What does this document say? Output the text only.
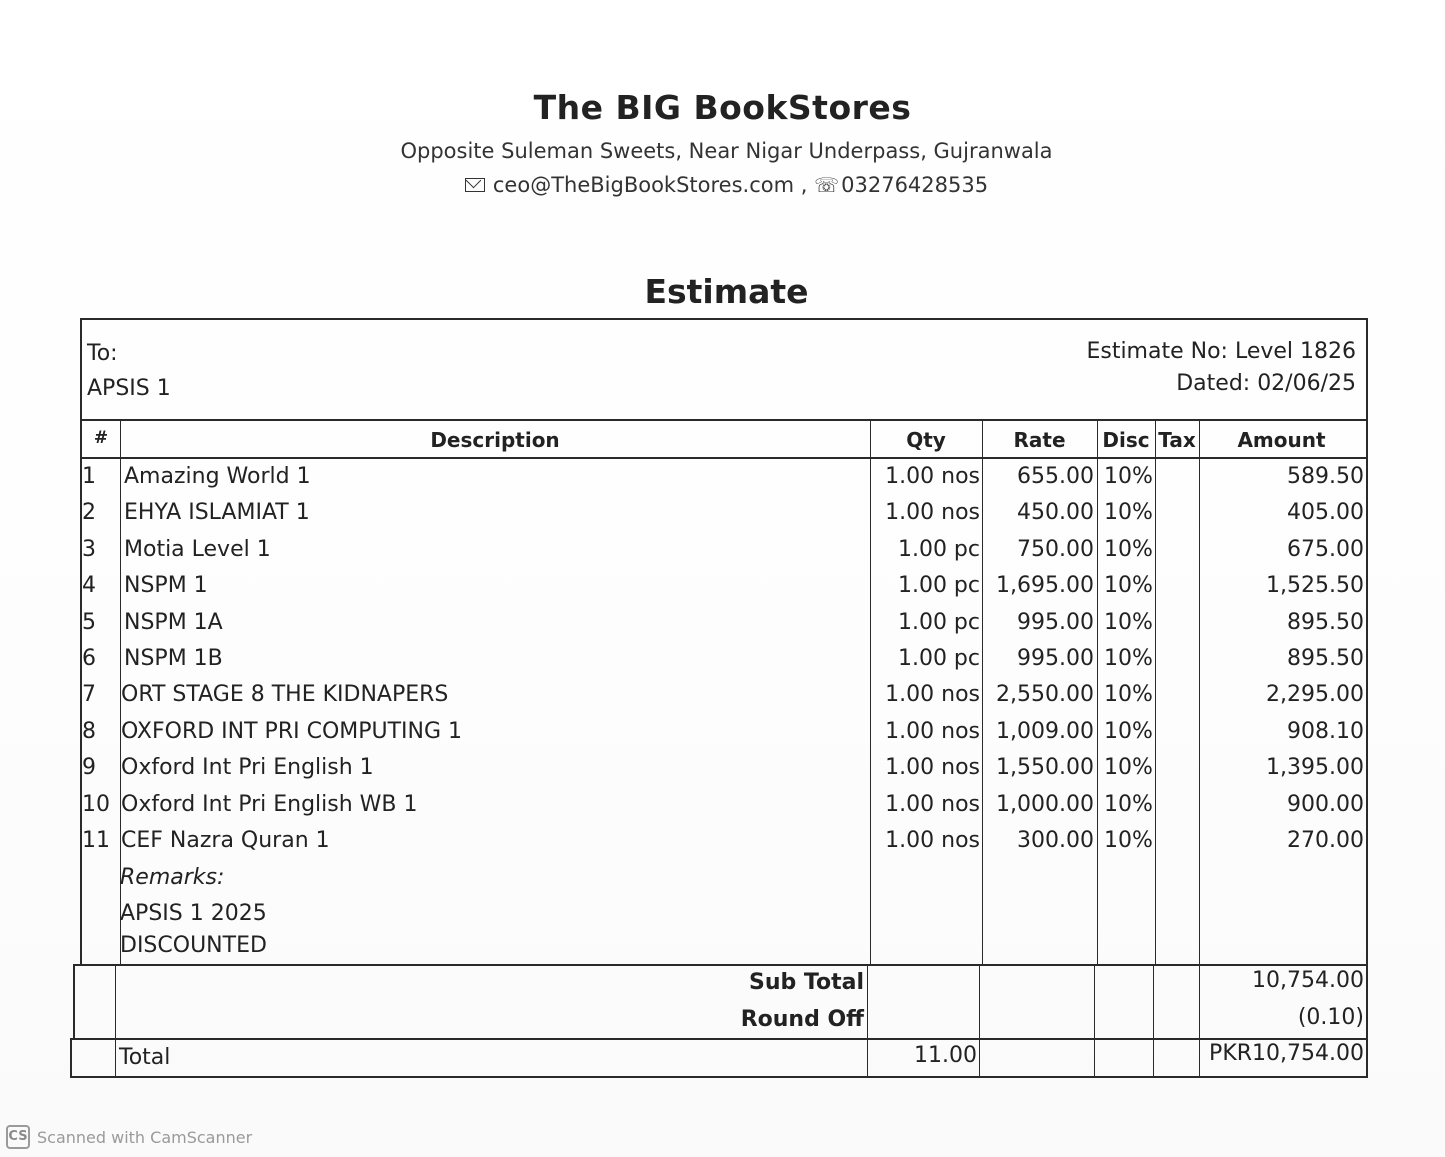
The BIG BookStores
Opposite Suleman Sweets, Near Nigar Underpass, Gujranwala
ceo@TheBigBookStores.com , ☏03276428535
Estimate
To:
APSIS 1
Estimate No: Level 1826
Dated: 02/06/25
#	Description	Qty	Rate	Disc Tax	Amount
1	Amazing World 1	1.00 nos	655.00 10%	589.50
2	EHYA ISLAMIAT 1	1.00 nos	450.00 10%	405.00
3	Motia Level 1	1.00 pc	750.00 10%	675.00
4	NSPM 1	1.00 pc 1,695.00 10%	1,525.50
5	NSPM 1A	1.00 pc	995.00 10%	895.50
6	NSPM 1B	1.00 pc	995.00 10%	895.50
7	ORT STAGE 8 THE KIDNAPERS	1.00 nos 2,550.00 10%	2,295.00
8	OXFORD INT PRI COMPUTING 1	1.00 nos 1,009.00 10%	908.10
9	Oxford Int Pri English 1	1.00 nos 1,550.00 10%	1,395.00
10 Oxford Int Pri English WB 1	1.00 nos 1,000.00 10%	900.00
11 CEF Nazra Quran 1	1.00 nos	300.00 10%	270.00
Remarks:
APSIS 1 2025
DISCOUNTED
Sub Total	10,754.00
Round Off	(0.10)
Total	11.00	PKR10,754.00
CS Scanned with CamScanner
